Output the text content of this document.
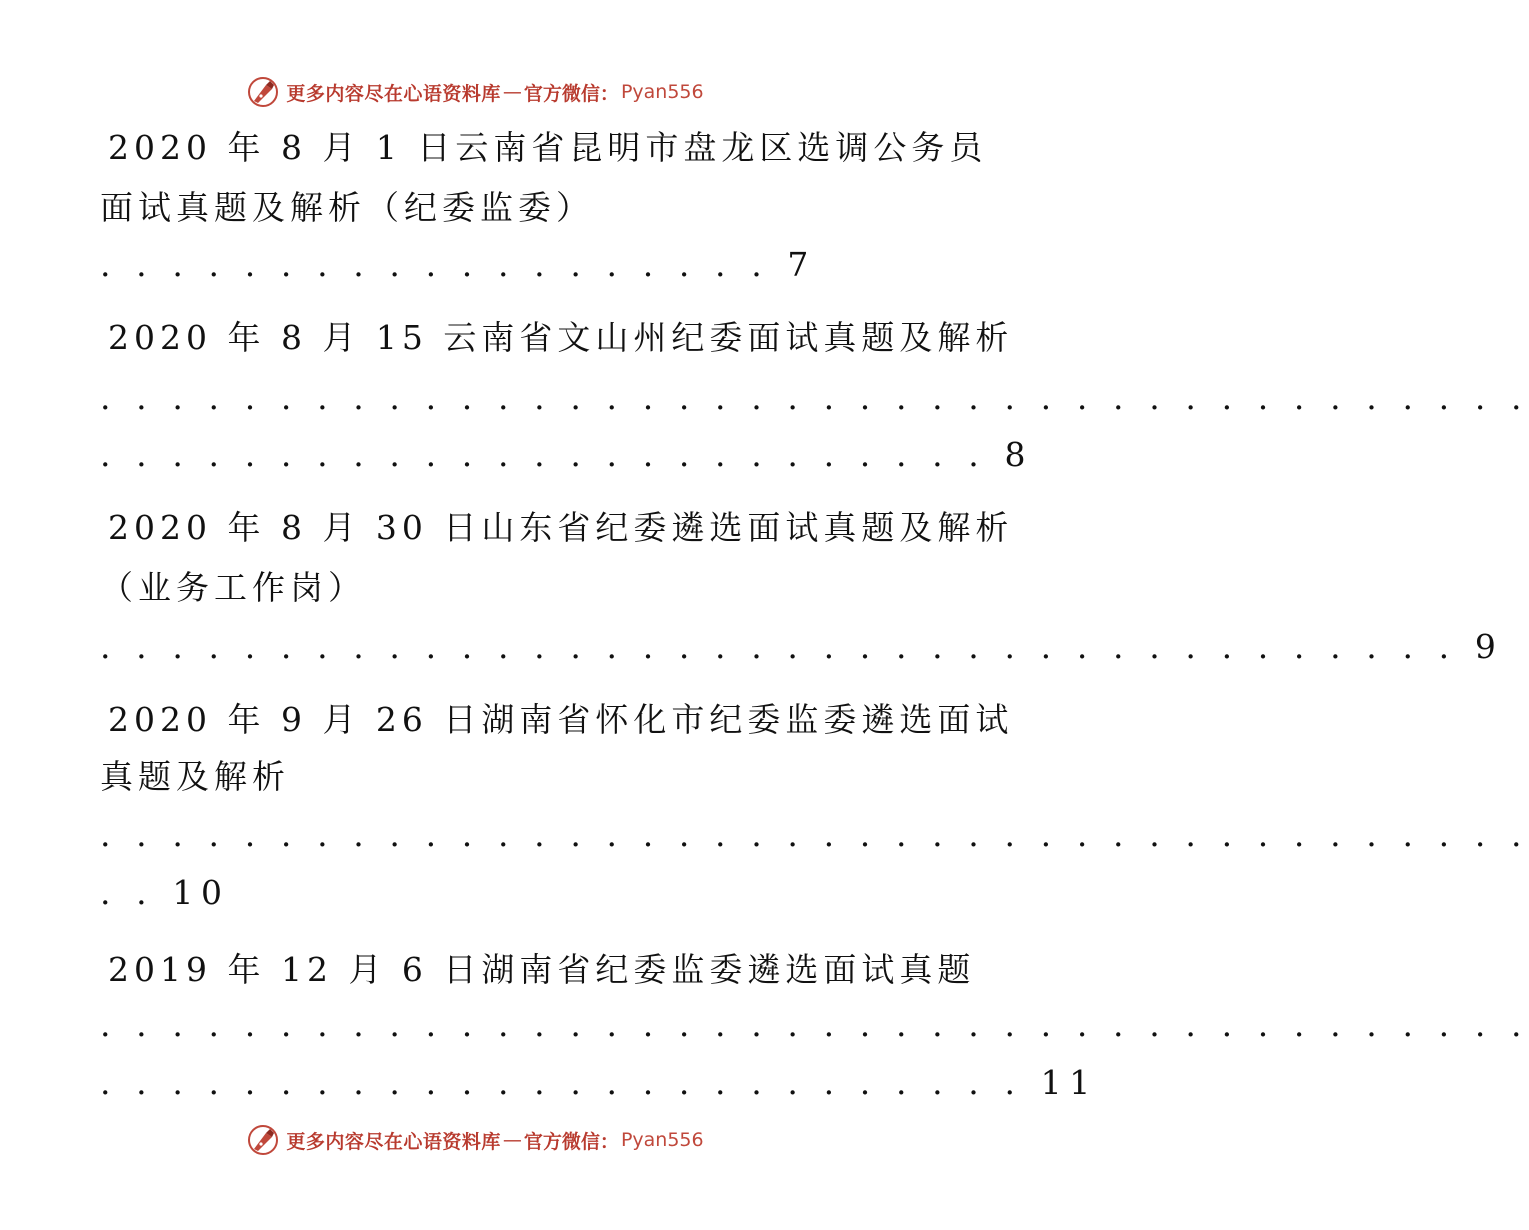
更多内容尽在心语资料库 — 官方微信： Pyan556
2020 年 8 月 1 日云南省昆明市盘龙区选调公务员
面试真题及解析（纪委监委）
. . . . . . . . . . . . . . . . . . . 7
2020 年 8 月 15 云南省文山州纪委面试真题及解析
. . . . . . . . . . . . . . . . . . . . . . . . . . . . . . . . . . . . . . . .
. . . . . . . . . . . . . . . . . . . . . . . . . 8
2020 年 8 月 30 日山东省纪委遴选面试真题及解析
（业务工作岗）
. . . . . . . . . . . . . . . . . . . . . . . . . . . . . . . . . . . . . . 9
2020 年 9 月 26 日湖南省怀化市纪委监委遴选面试
真题及解析
. . . . . . . . . . . . . . . . . . . . . . . . . . . . . . . . . . . . . . . .
. . 10
2019 年 12 月 6 日湖南省纪委监委遴选面试真题
. . . . . . . . . . . . . . . . . . . . . . . . . . . . . . . . . . . . . . . .
. . . . . . . . . . . . . . . . . . . . . . . . . . 11
更多内容尽在心语资料库 — 官方微信： Pyan556
